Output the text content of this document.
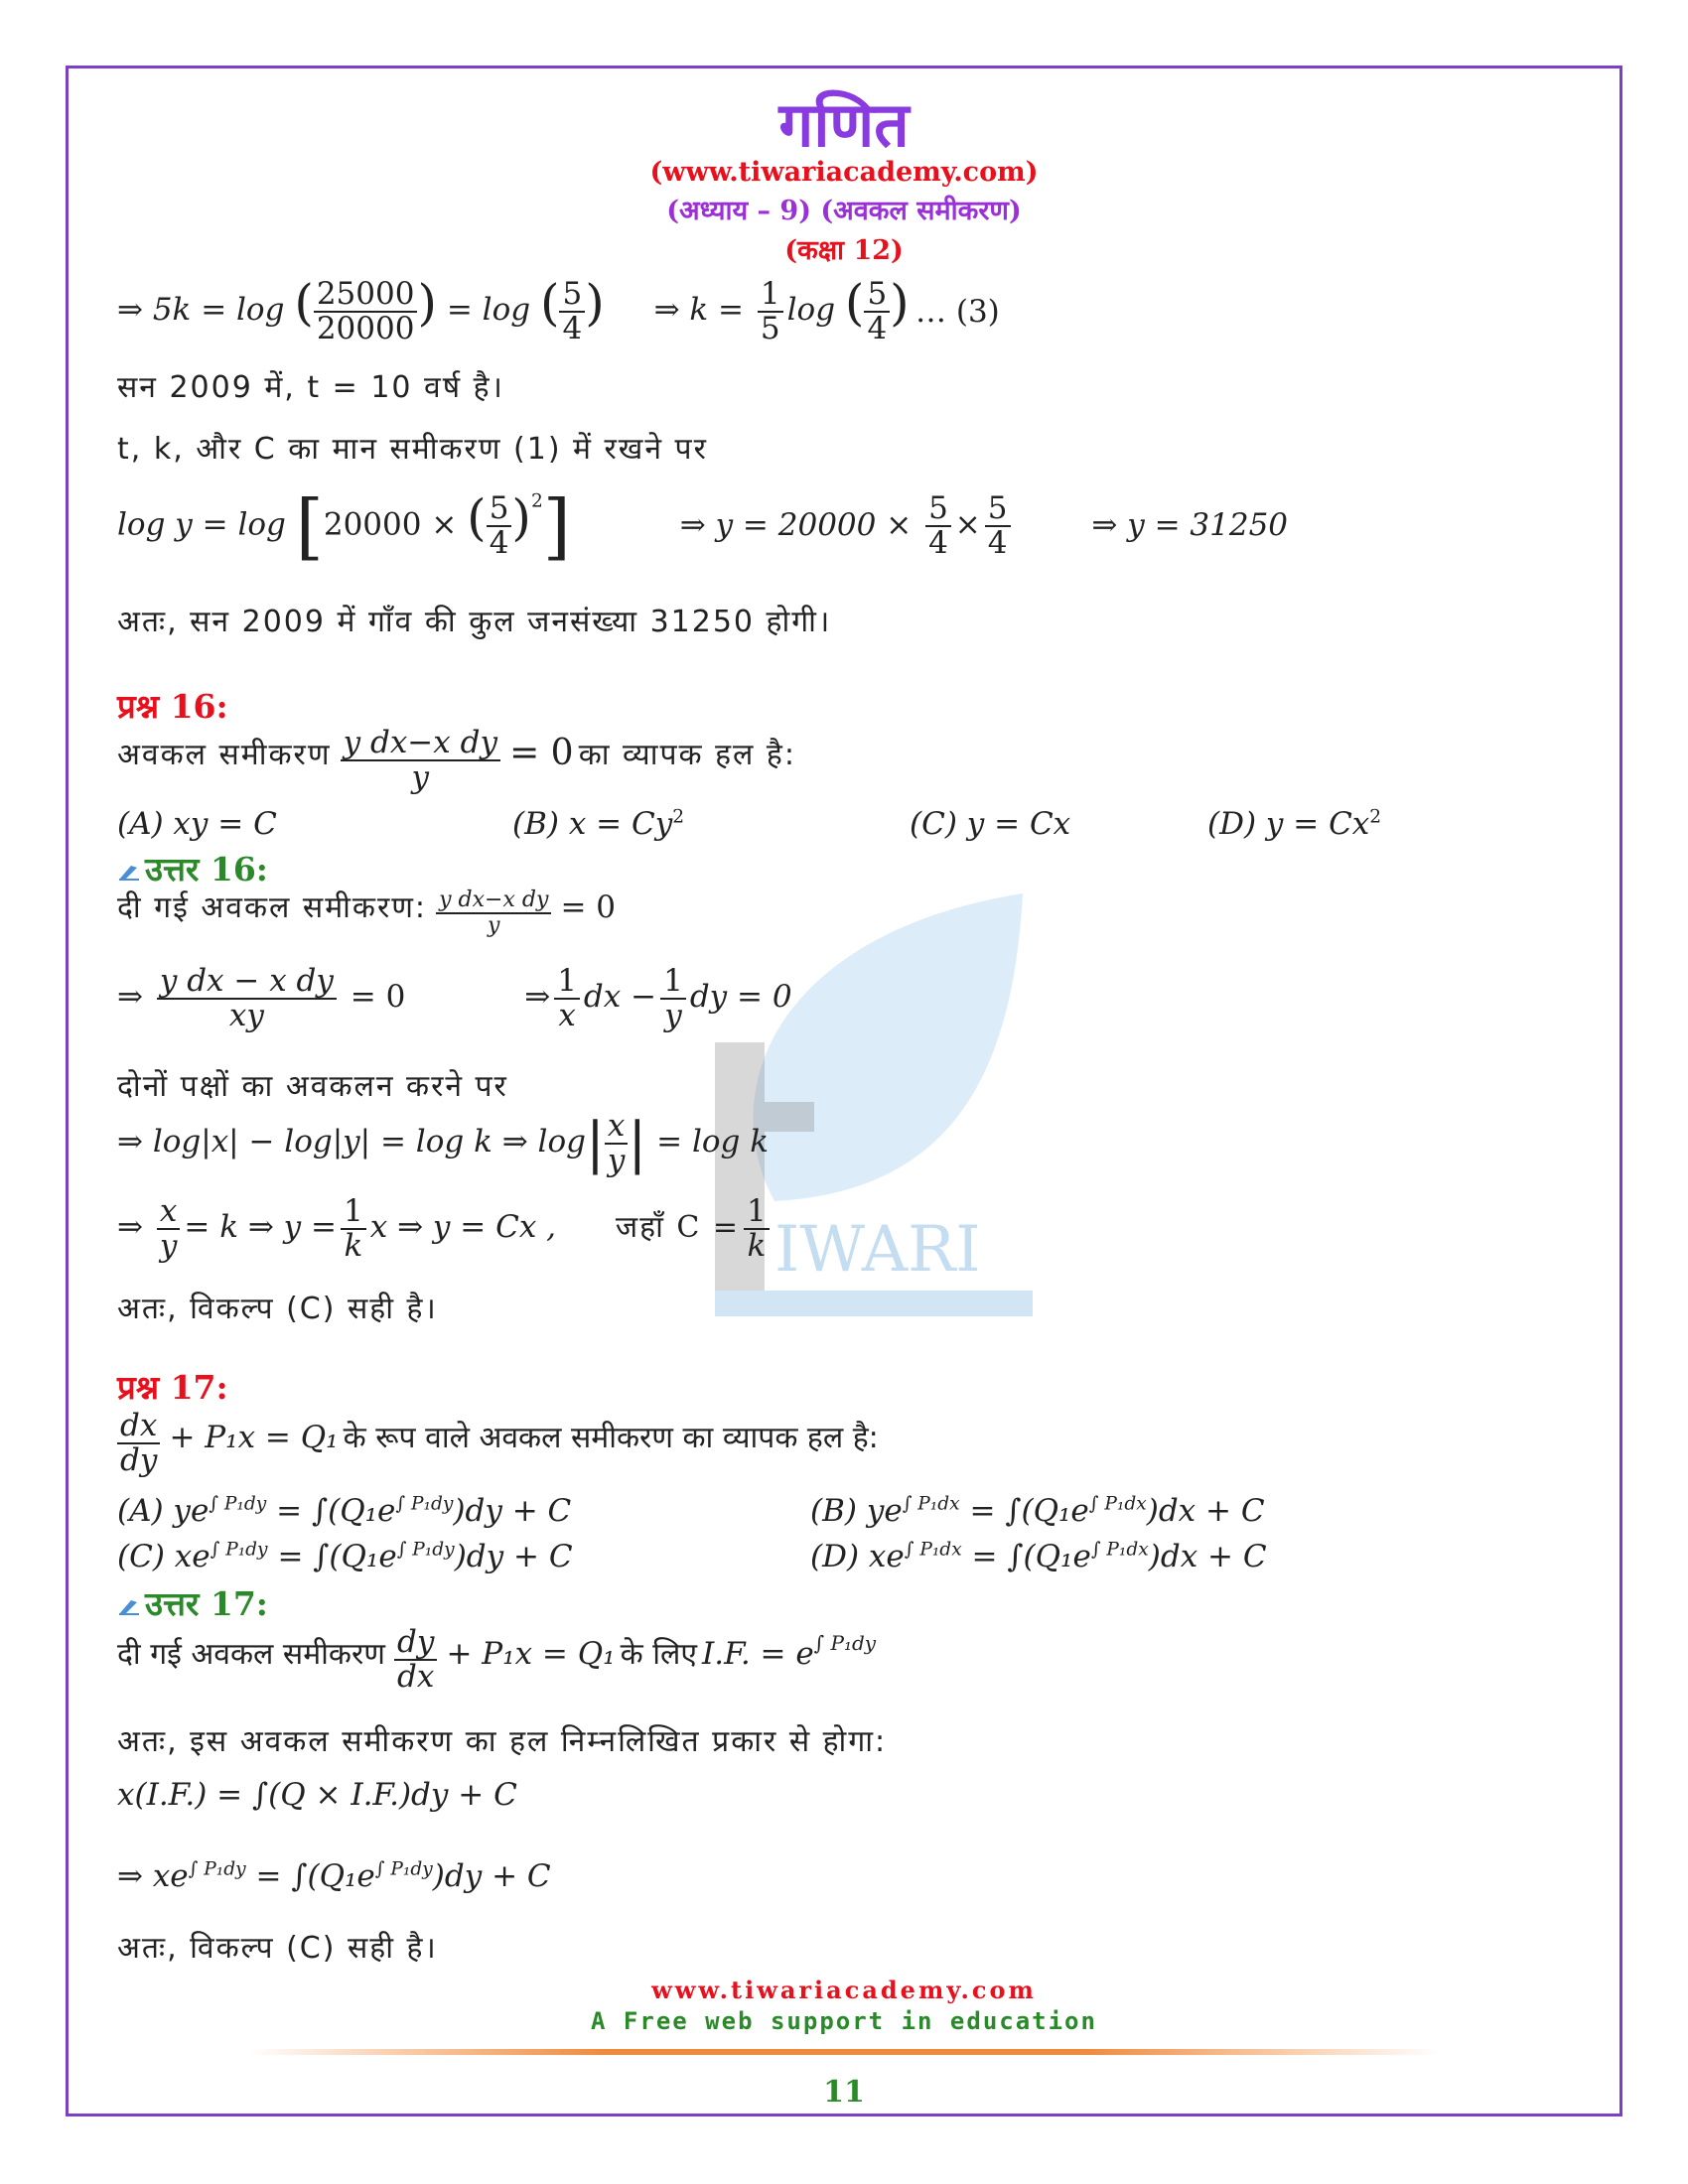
IWARI
गणित
(www.tiwariacademy.com)
(अध्याय – 9) (अवकल समीकरण)
(कक्षा 12)
⇒ 5k = log ( $\frac{25000}{20000}$ ) = log ( $\frac{5}{4}$ ) ⇒ $k = \frac{1}{5}$ log ( $\frac{5}{4}$ ) … (3)
सन 2009 में, t = 10 वर्ष है।
t, k, और C का मान समीकरण (1) में रखने पर
log y = log [20000 × ( $\frac{5}{4} )^2$]	⇒ $y = 20000 \times \frac{5}{4} \times \frac{5}{4}$	⇒ y = 31250
अतः, सन 2009 में गाँव की कुल जनसंख्या 31250 होगी।
प्रश्न 16:
अवकल समीकरण $\frac{\text{y dx−x dy}}{y} = 0$ का व्यापक हल है:
(A) xy = C	(B) $x = Cy^2$	(C) y = Cx	(D) $y = Cx^2$
उत्तर 16:
दी गई अवकल समीकरण: $\frac{\text{y dx−x dy}}{y} = 0$
⇒ $\frac{\text{y dx − x dy}}{xy} = 0$	⇒ $\frac{1}{x}$ dx − $\frac{1}{y}$ dy = 0
दोनों पक्षों का अवकलन करने पर
⇒ log|x| − log|y| = log k ⇒ $\log| \frac{x}{y}$ | = log k
⇒ $\frac{x}{y} = k$ ⇒ $y = \frac{1}{k}$ x ⇒ y = Cx , जहाँ $C = \frac{1}{k}$
अतः, विकल्प (C) सही है।
प्रश्न 17:
$\frac{dx}{dy} + P_1x = Q_1$ के रूप वाले अवकल समीकरण का व्यापक हल है:
(A) $ye^{\int P_1dy} = \int(Q_1e^{\int P_1dy})dy + C$	(B) $ye^{\int P_1dx} = \int(Q_1e^{\int P_1dx})dx + C$
(C) $xe^{\int P_1dy} = \int(Q_1e^{\int P_1dy})dy + C$	(D) $xe^{\int P_1dx} = \int(Q_1e^{\int P_1dx})dx + C$
उत्तर 17:
दी गई अवकल समीकरण $\frac{dy}{dx} + P_1x = Q_1$ के लिए I.F. = $e^{\int P_1dy}$
अतः, इस अवकल समीकरण का हल निम्नलिखित प्रकार से होगा:
x(I.F.) = ∫(Q × I.F.)dy + C
⇒ $xe^{\int P_1dy} = \int(Q_1e^{\int P_1dy})dy + C$
अतः, विकल्प (C) सही है।
www.tiwariacademy.com
A Free web support in education
11
